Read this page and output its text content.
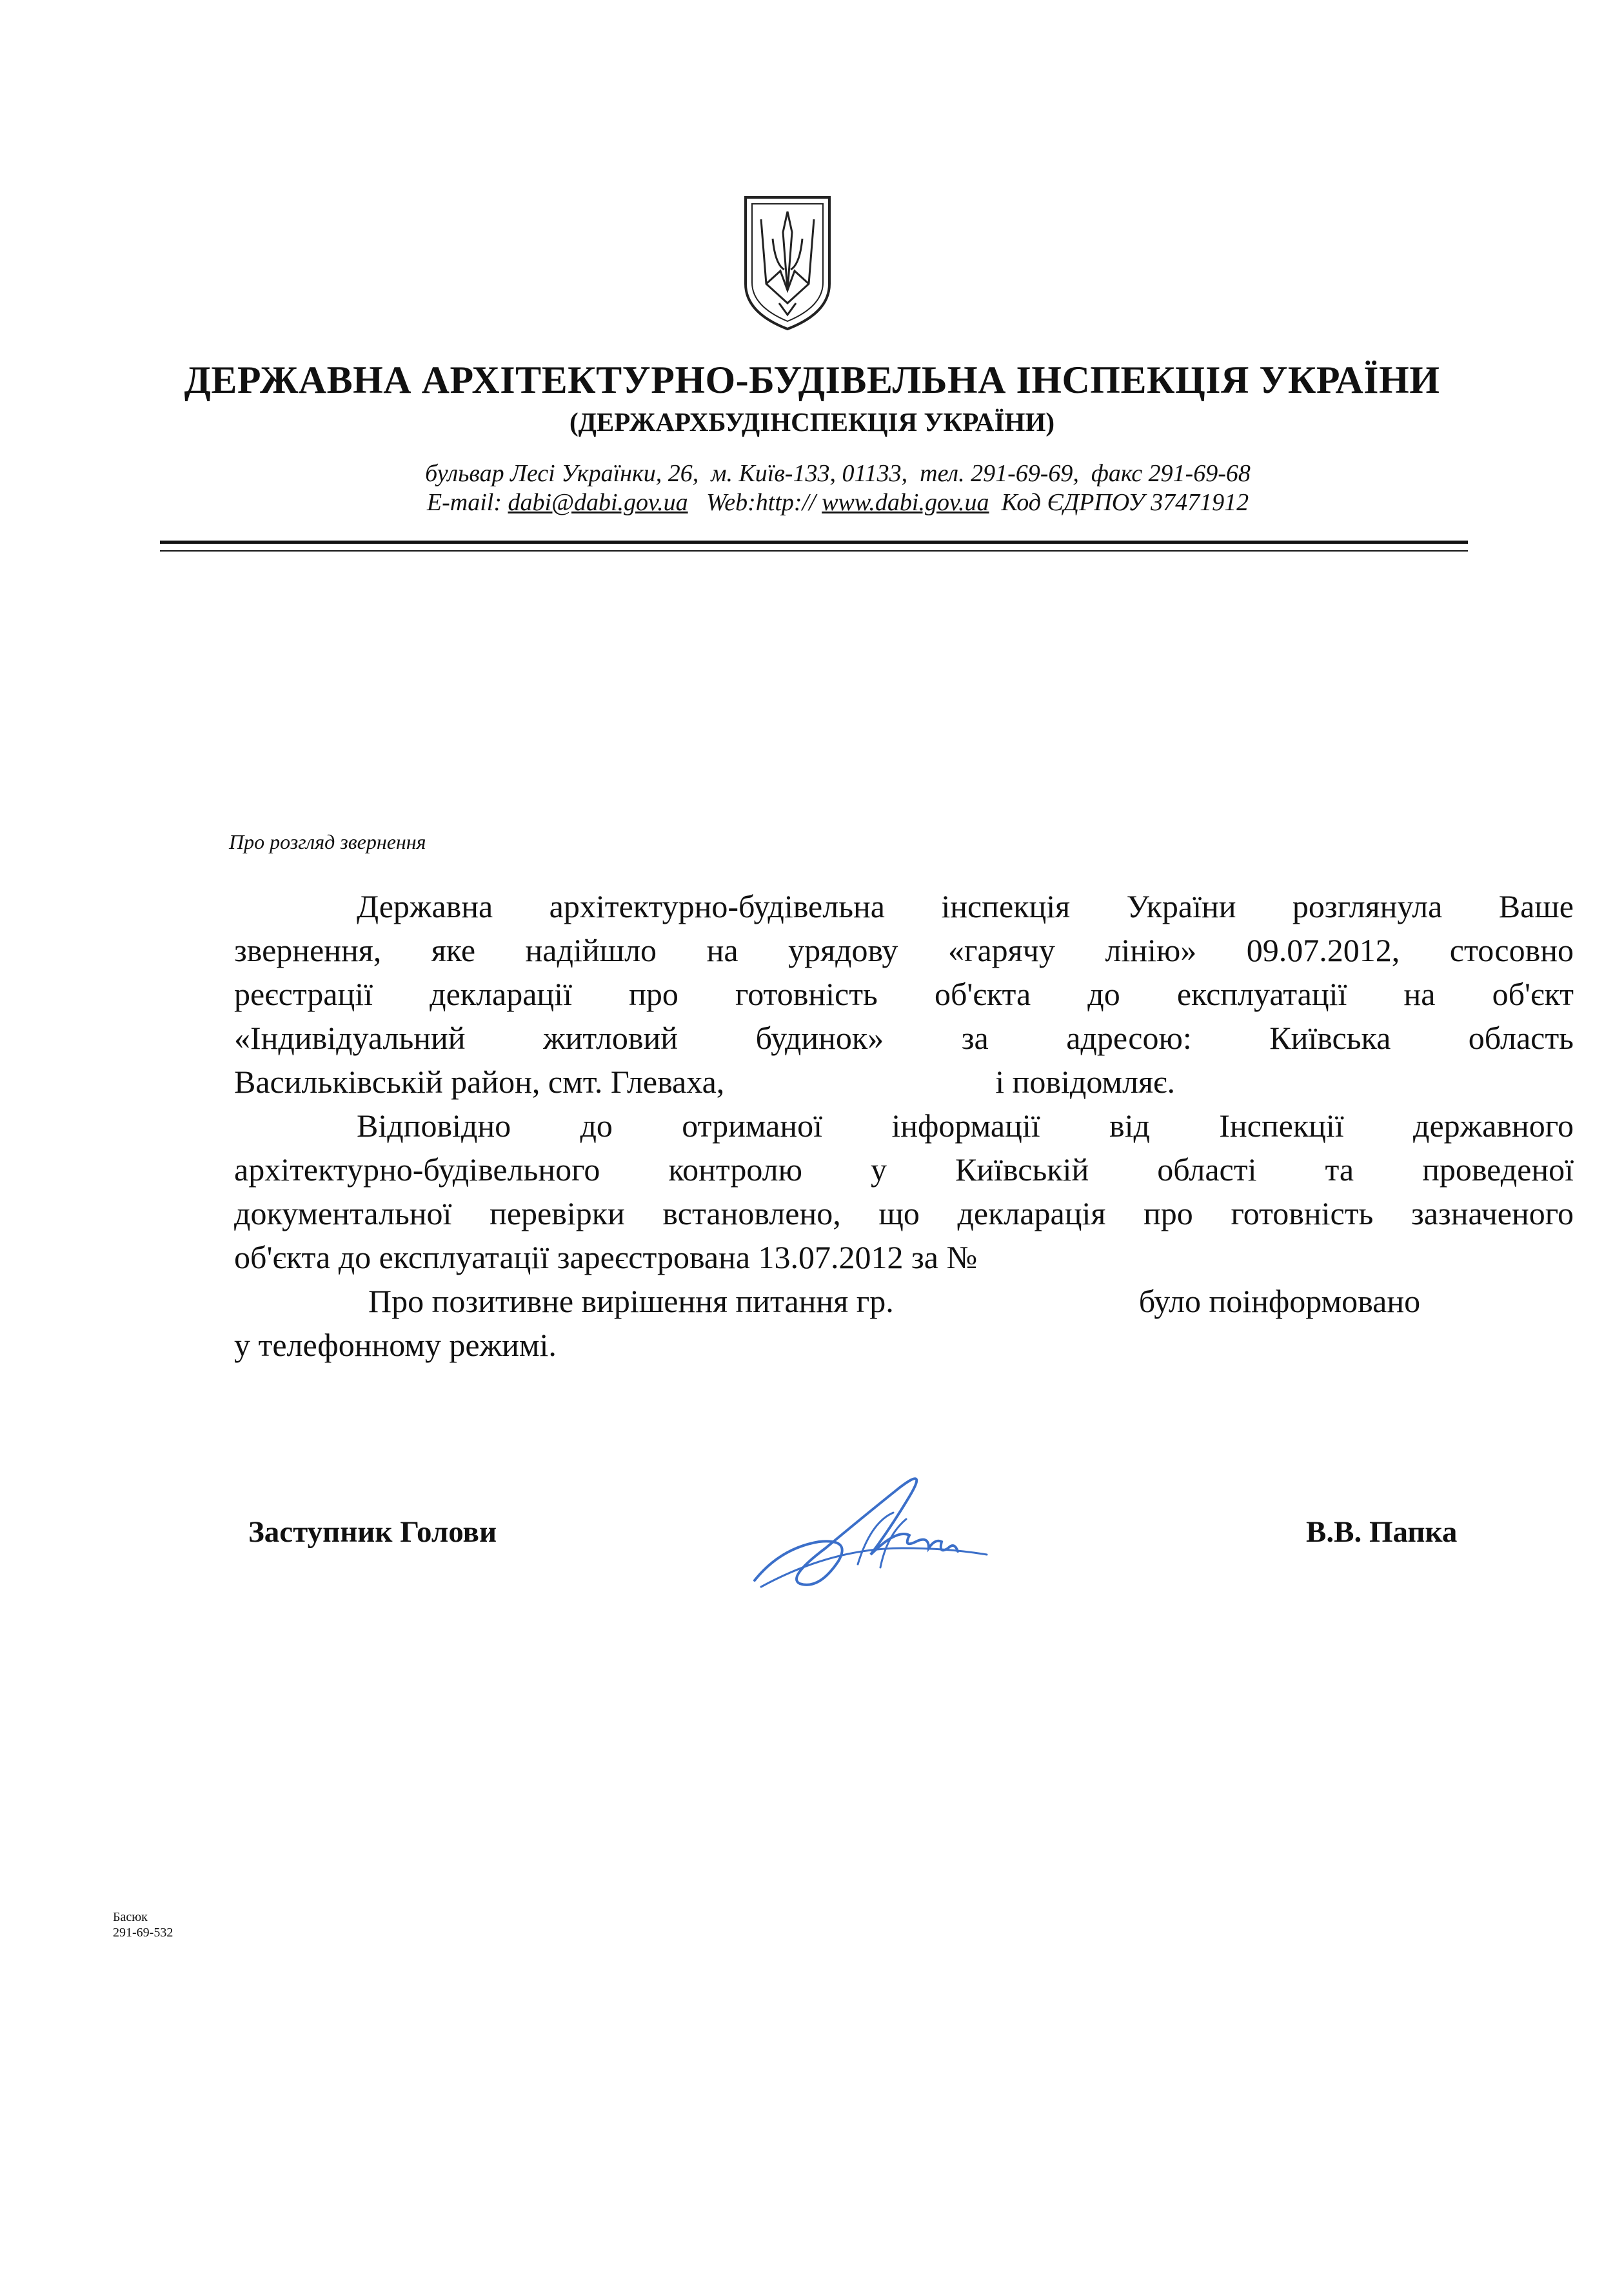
ДЕРЖАВНА АРХІТЕКТУРНО-БУДІВЕЛЬНА ІНСПЕКЦІЯ УКРАЇНИ
(ДЕРЖАРХБУДІНСПЕКЦІЯ УКРАЇНИ)
бульвар Лесі Українки, 26,  м. Київ-133, 01133,  тел. 291-69-69,  факс 291-69-68
E-mail: dabi@dabi.gov.ua   Web:http:// www.dabi.gov.ua  Код ЄДРПОУ 37471912
Про розгляд звернення
Державна архітектурно-будівельна інспекція України розглянула Ваше
звернення, яке надійшло на урядову «гарячу лінію» 09.07.2012, стосовно
реєстрації декларації про готовність об'єкта до експлуатації на об'єкт
«Індивідуальний житловий будинок» за адресою: Київська область
Васильківській район, смт. Глеваха,	і повідомляє.
Відповідно до отриманої інформації від Інспекції державного
архітектурно-будівельного контролю у Київській області та проведеної
документальної перевірки встановлено, що декларація про готовність зазначеного
об'єкта до експлуатації зареєстрована 13.07.2012 за №
Про позитивне вирішення питання гр.	було поінформовано
у телефонному режимі.
Заступник Голови	В.В. Папка
Басюк
291-69-532
